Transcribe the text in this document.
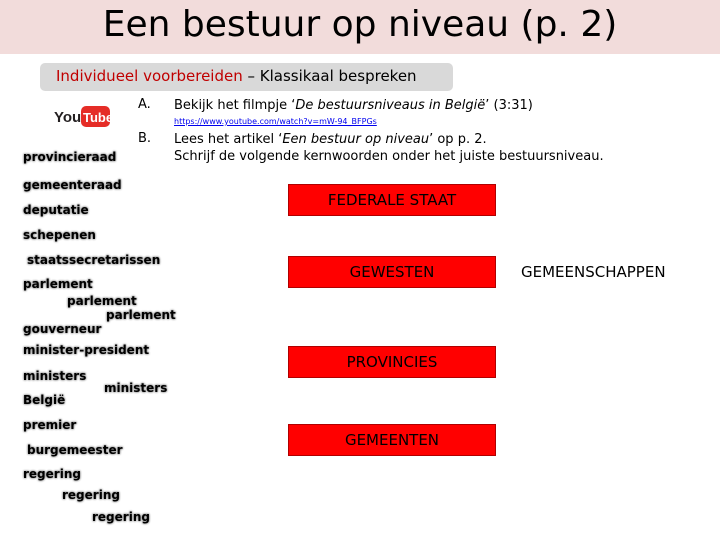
Een bestuur op niveau (p. 2)
Individueel voorbereiden – Klassikaal bespreken
You Tube
A. Bekijk het filmpje ‘De bestuursniveaus in België’ (3:31)
https://www.youtube.com/watch?v=mW-94_BFPGs
B. Lees het artikel ‘Een bestuur op niveau’ op p. 2.
Schrijf de volgende kernwoorden onder het juiste bestuursniveau.
provincieraad
gemeenteraad
deputatie
schepenen
staatssecretarissen
parlement
parlement
parlement
gouverneur
minister-president
ministers
ministers
België
premier
burgemeester
regering
regering
regering
FEDERALE STAAT
GEWESTEN	GEMEENSCHAPPEN
PROVINCIES
GEMEENTEN
